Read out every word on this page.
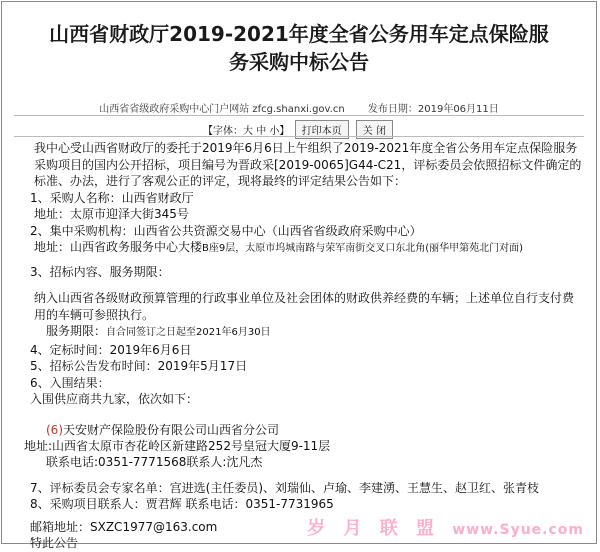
山西省财政厅2019-2021年度全省公务用车定点保险服
务采购中标公告
山西省省级政府采购中心门户网站 zfcg.shanxi.gov.cn 发布日期：2019年06月11日
【字体：大 中 小】 打印本页 关 闭

我中心受山西省财政厅的委托于2019年6月6日上午组织了2019-2021年度全省公务用车定点保险服务采购项目的国内公开招标，项目编号为晋政采[2019-0065]G44-C21，评标委员会依照招标文件确定的标准、办法，进行了客观公正的评定，现将最终的评定结果公告如下：

1、采购人名称：山西省财政厅

地址：太原市迎泽大街345号

2、集中采购机构：山西省公共资源交易中心（山西省省级政府采购中心）

地址：山西省政务服务中心大楼B座9层，太原市坞城南路与荣军南街交叉口东北角(丽华甲第苑北门对面)

3、招标内容、服务期限：

纳入山西省各级财政预算管理的行政事业单位及社会团体的财政供养经费的车辆；上述单位自行支付费用的车辆可参照执行。

服务期限：自合同签订之日起至2021年6月30日

4、定标时间：2019年6月6日

5、招标公告发布时间：2019年5月17日

6、入围结果：

入围供应商共九家，依次如下：

(6)天安财产保险股份有限公司山西省分公司
地址:山西省太原市杏花岭区新建路252号皇冠大厦9-11层
联系电话:0351-7771568联系人:沈凡杰

7、评标委员会专家名单：宫进选(主任委员)、刘瑞仙、卢瑜、李建湧、王慧生、赵卫红、张青枝

8、采购项目联系人：贾君辉 联系电话：0351-7731965

邮箱地址：SXZC1977@163.com

特此公告

岁 月 联 盟 www.Syue.com
